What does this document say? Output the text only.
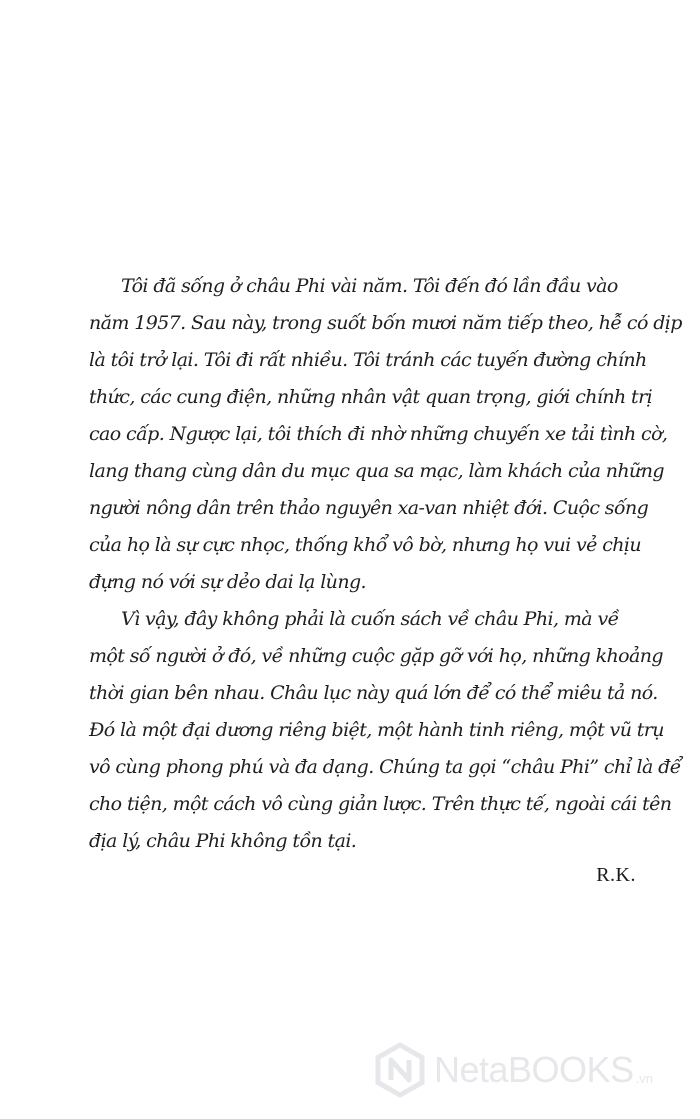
Tôi đã sống ở châu Phi vài năm. Tôi đến đó lần đầu vào
năm 1957. Sau này, trong suốt bốn mươi năm tiếp theo, hễ có dịp
là tôi trở lại. Tôi đi rất nhiều. Tôi tránh các tuyến đường chính
thức, các cung điện, những nhân vật quan trọng, giới chính trị
cao cấp. Ngược lại, tôi thích đi nhờ những chuyến xe tải tình cờ,
lang thang cùng dân du mục qua sa mạc, làm khách của những
người nông dân trên thảo nguyên xa-van nhiệt đới. Cuộc sống
của họ là sự cực nhọc, thống khổ vô bờ, nhưng họ vui vẻ chịu
đựng nó với sự dẻo dai lạ lùng.
Vì vậy, đây không phải là cuốn sách về châu Phi, mà về
một số người ở đó, về những cuộc gặp gỡ với họ, những khoảng
thời gian bên nhau. Châu lục này quá lớn để có thể miêu tả nó.
Đó là một đại dương riêng biệt, một hành tinh riêng, một vũ trụ
vô cùng phong phú và đa dạng. Chúng ta gọi “châu Phi” chỉ là để
cho tiện, một cách vô cùng giản lược. Trên thực tế, ngoài cái tên
địa lý, châu Phi không tồn tại.
R.K.
NetaBOOKS .vn
